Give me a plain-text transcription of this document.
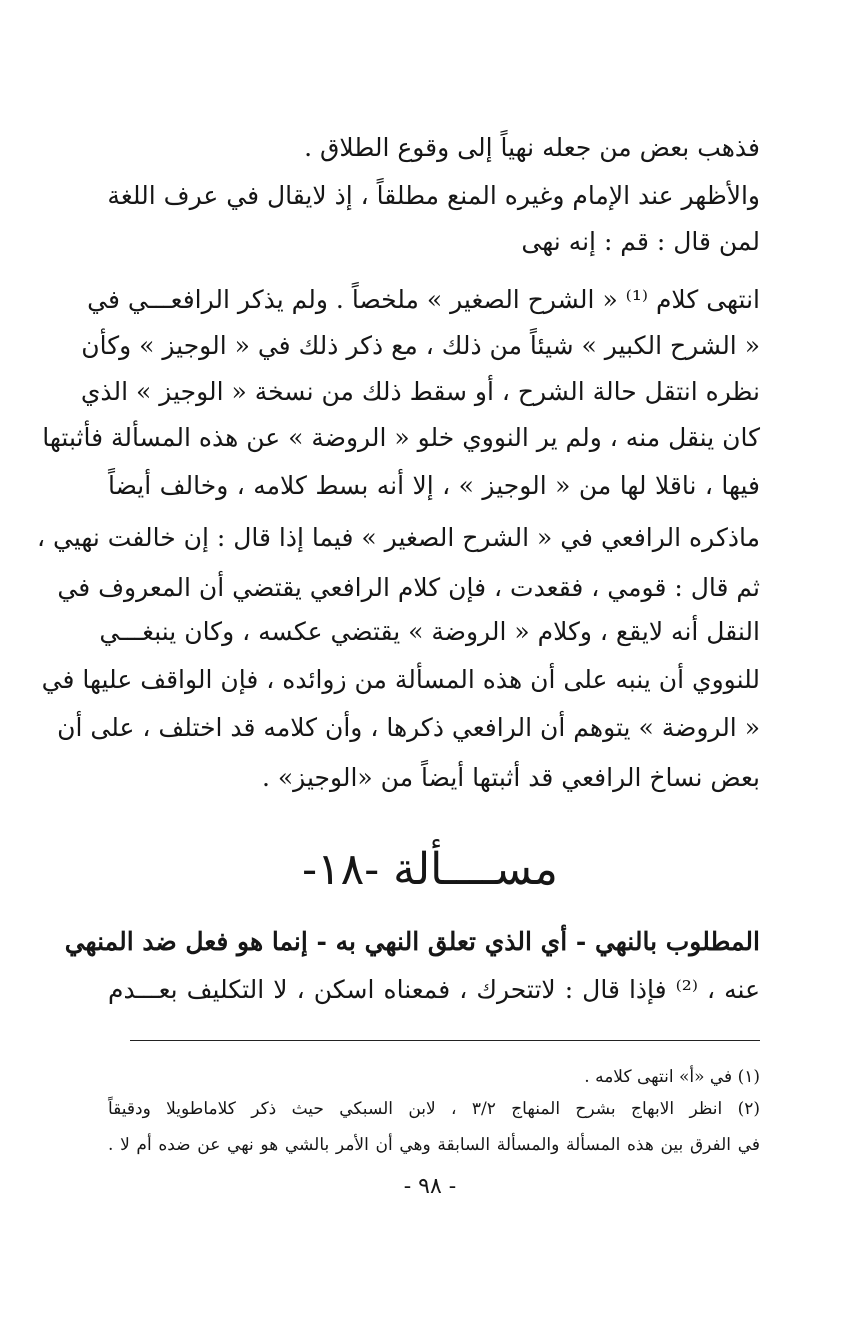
فذهب بعض من جعله نهياً إلى وقوع الطلاق .
والأظهر عند الإمام وغيره المنع مطلقاً ، إذ لايقال في عرف اللغة
لمن قال : قم : إنه نهى
انتهى كلام ⁽¹⁾ « الشرح الصغير » ملخصاً . ولم يذكر الرافعـــي في
« الشرح الكبير » شيئاً من ذلك ، مع ذكر ذلك في « الوجيز » وكأن
نظره انتقل حالة الشرح ، أو سقط ذلك من نسخة « الوجيز » الذي
كان ينقل منه ، ولم ير النووي خلو « الروضة » عن هذه المسألة فأثبتها
فيها ، ناقلا لها من « الوجيز » ، إلا أنه بسط كلامه ، وخالف أيضاً
ماذكره الرافعي في « الشرح الصغير » فيما إذا قال : إن خالفت نهيي ،
ثم قال : قومي ، فقعدت ، فإن كلام الرافعي يقتضي أن المعروف في
النقل أنه لايقع ، وكلام « الروضة » يقتضي عكسه ، وكان ينبغـــي
للنووي أن ينبه على أن هذه المسألة من زوائده ، فإن الواقف عليها في
« الروضة » يتوهم أن الرافعي ذكرها ، وأن كلامه قد اختلف ، على أن
بعض نساخ الرافعي قد أثبتها أيضاً من «الوجيز» .
مســــألة -١٨-
المطلوب بالنهي - أي الذي تعلق النهي به - إنما هو فعل ضد المنهي
عنه ، ⁽²⁾ فإذا قال : لاتتحرك ، فمعناه اسكن ، لا التكليف بعـــدم
(١) في «أ» انتهى كلامه .
(٢) انظر الابهاج بشرح المنهاج ٣/٢ ، لابن السبكي حيث ذكر كلاماطويلا ودقيقاً
في الفرق بين هذه المسألة والمسألة السابقة وهي أن الأمر بالشي هو نهي عن ضده أم لا .
- ٩٨ -
